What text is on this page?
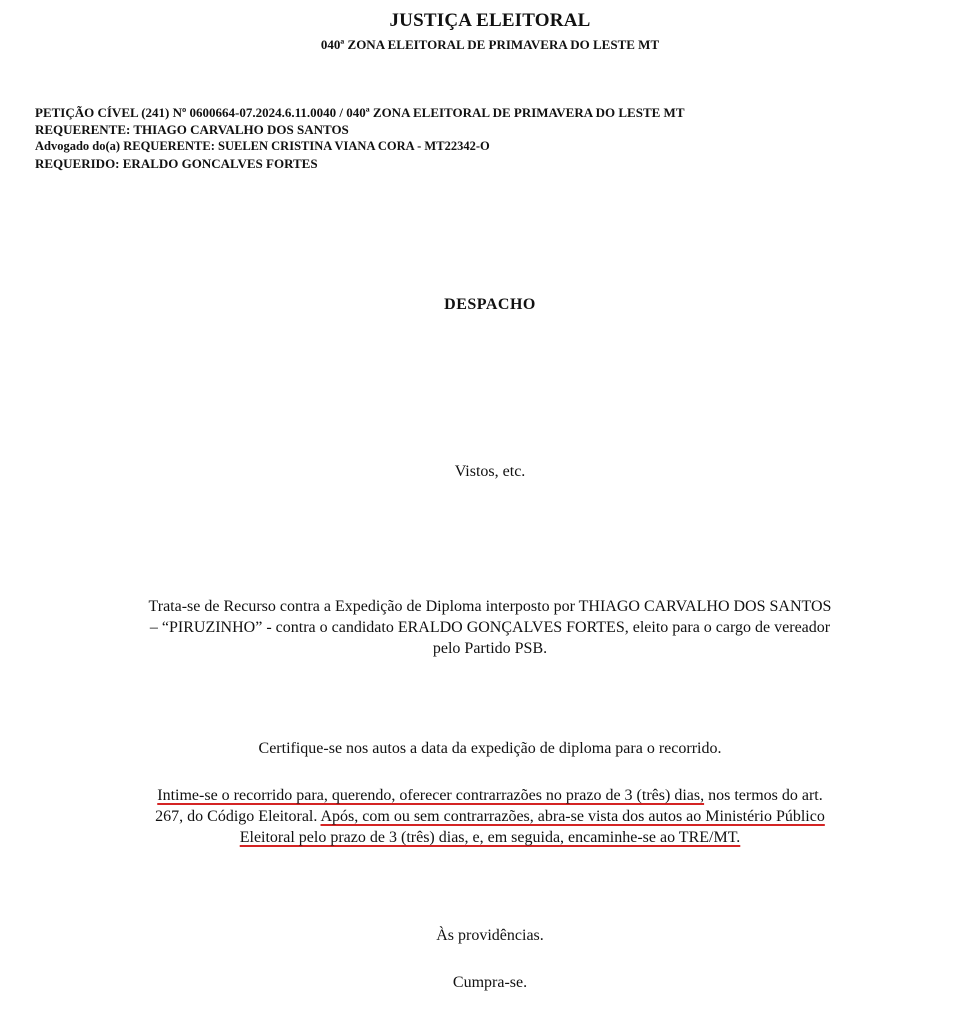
JUSTIÇA ELEITORAL
040ª ZONA ELEITORAL DE PRIMAVERA DO LESTE MT
PETIÇÃO CÍVEL (241) Nº 0600664-07.2024.6.11.0040 / 040ª ZONA ELEITORAL DE PRIMAVERA DO LESTE MT
REQUERENTE: THIAGO CARVALHO DOS SANTOS
Advogado do(a) REQUERENTE: SUELEN CRISTINA VIANA CORA - MT22342-O
REQUERIDO: ERALDO GONCALVES FORTES
DESPACHO
Vistos, etc.
Trata-se de Recurso contra a Expedição de Diploma interposto por THIAGO CARVALHO DOS SANTOS
– “PIRUZINHO” - contra o candidato ERALDO GONÇALVES FORTES, eleito para o cargo de vereador
pelo Partido PSB.
Certifique-se nos autos a data da expedição de diploma para o recorrido.
Intime-se o recorrido para, querendo, oferecer contrarrazões no prazo de 3 (três) dias, nos termos do art.
267, do Código Eleitoral. Após, com ou sem contrarrazões, abra-se vista dos autos ao Ministério Público
Eleitoral pelo prazo de 3 (três) dias, e, em seguida, encaminhe-se ao TRE/MT.
Às providências.
Cumpra-se.
